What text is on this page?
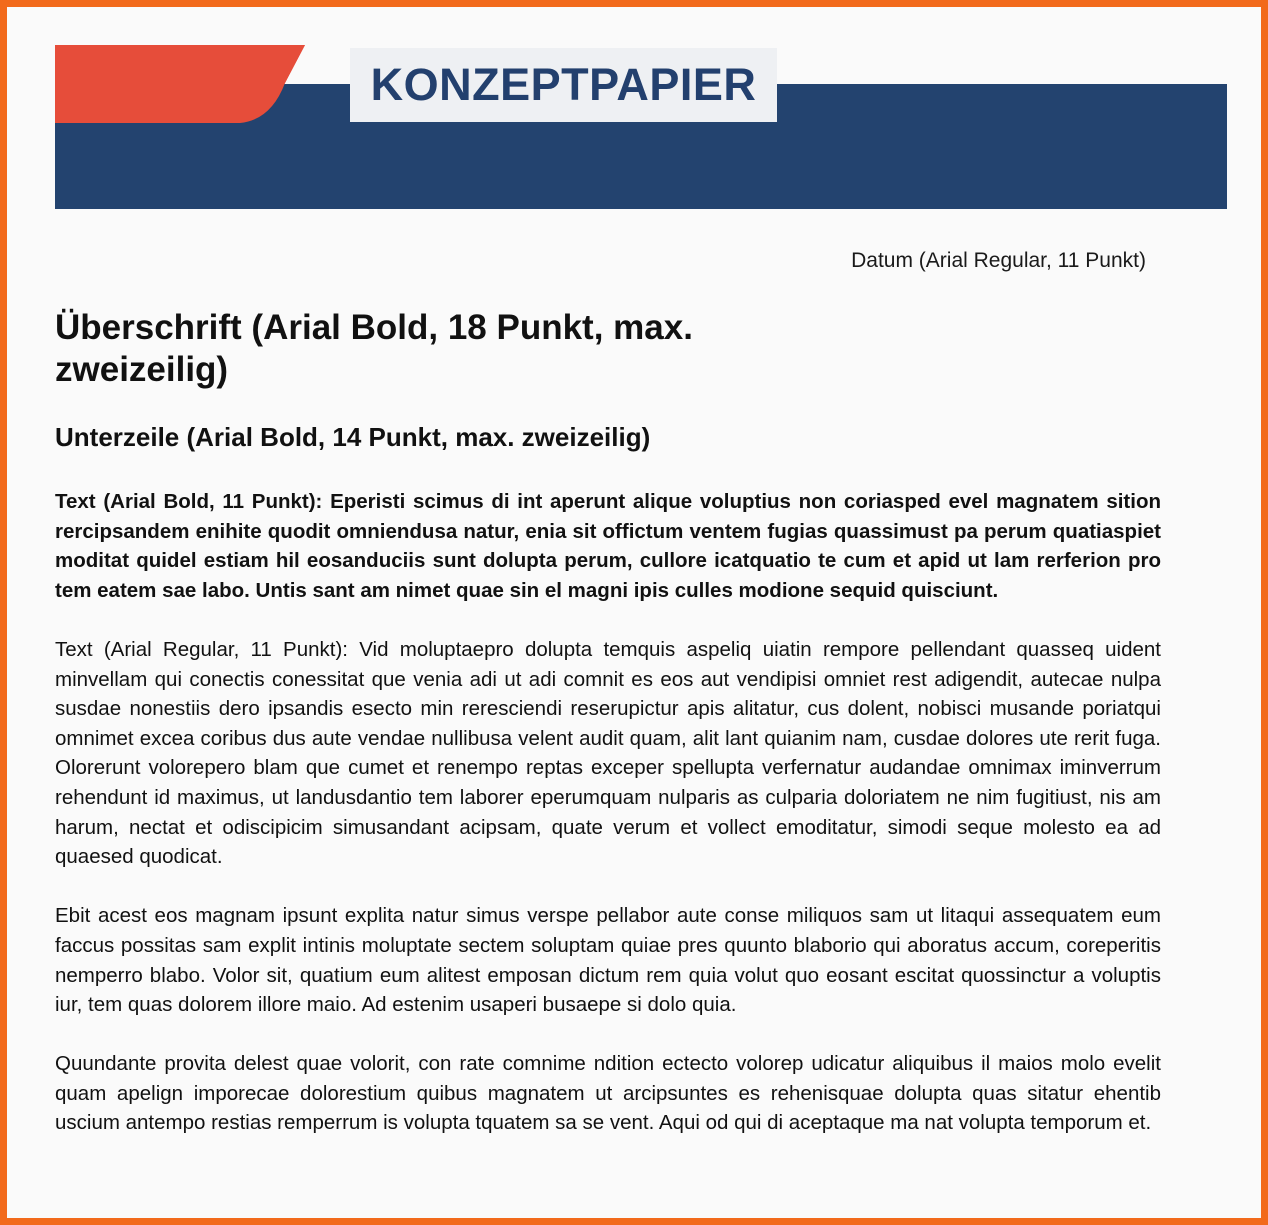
KONZEPTPAPIER
Datum (Arial Regular, 11 Punkt)
Überschrift (Arial Bold, 18 Punkt, max. zweizeilig)
Unterzeile (Arial Bold, 14 Punkt, max. zweizeilig)

Text (Arial Bold, 11 Punkt): Eperisti scimus di int aperunt alique voluptius non coriasped evel magnatem sition rercipsandem enihite quodit omniendusa natur, enia sit offictum ventem fugias quassimust pa perum quatiaspiet moditat quidel estiam hil eosanduciis sunt dolupta perum, cullore icatquatio te cum et apid ut lam rerferion pro tem eatem sae labo. Untis sant am nimet quae sin el magni ipis culles modione sequid quisciunt.

Text (Arial Regular, 11 Punkt): Vid moluptaepro dolupta temquis aspeliq uiatin rempore pellendant quasseq uident minvellam qui conectis conessitat que venia adi ut adi comnit es eos aut vendipisi omniet rest adigendit, autecae nulpa susdae nonestiis dero ipsandis esecto min reresciendi reserupictur apis alitatur, cus dolent, nobisci musande poriatqui omnimet excea coribus dus aute vendae nullibusa velent audit quam, alit lant quianim nam, cusdae dolores ute rerit fuga. Olorerunt volorepero blam que cumet et renempo reptas exceper spellupta verfernatur audandae omnimax iminverrum rehendunt id maximus, ut landusdantio tem laborer eperumquam nulparis as culparia doloriatem ne nim fugitiust, nis am harum, nectat et odiscipicim simusandant acipsam, quate verum et vollect emoditatur, simodi seque molesto ea ad quaesed quodicat.

Ebit acest eos magnam ipsunt explita natur simus verspe pellabor aute conse miliquos sam ut litaqui assequatem eum faccus possitas sam explit intinis moluptate sectem soluptam quiae pres quunto blaborio qui aboratus accum, coreperitis nemperro blabo. Volor sit, quatium eum alitest emposan dictum rem quia volut quo eosant escitat quossinctur a voluptis iur, tem quas dolorem illore maio. Ad estenim usaperi busaepe si dolo quia.

Quundante provita delest quae volorit, con rate comnime ndition ectecto volorep udicatur aliquibus il maios molo evelit quam apelign imporecae dolorestium quibus magnatem ut arcipsuntes es rehenisquae dolupta quas sitatur ehentib uscium antempo restias remperrum is volupta tquatem sa se vent. Aqui od qui di aceptaque ma nat volupta temporum et.
